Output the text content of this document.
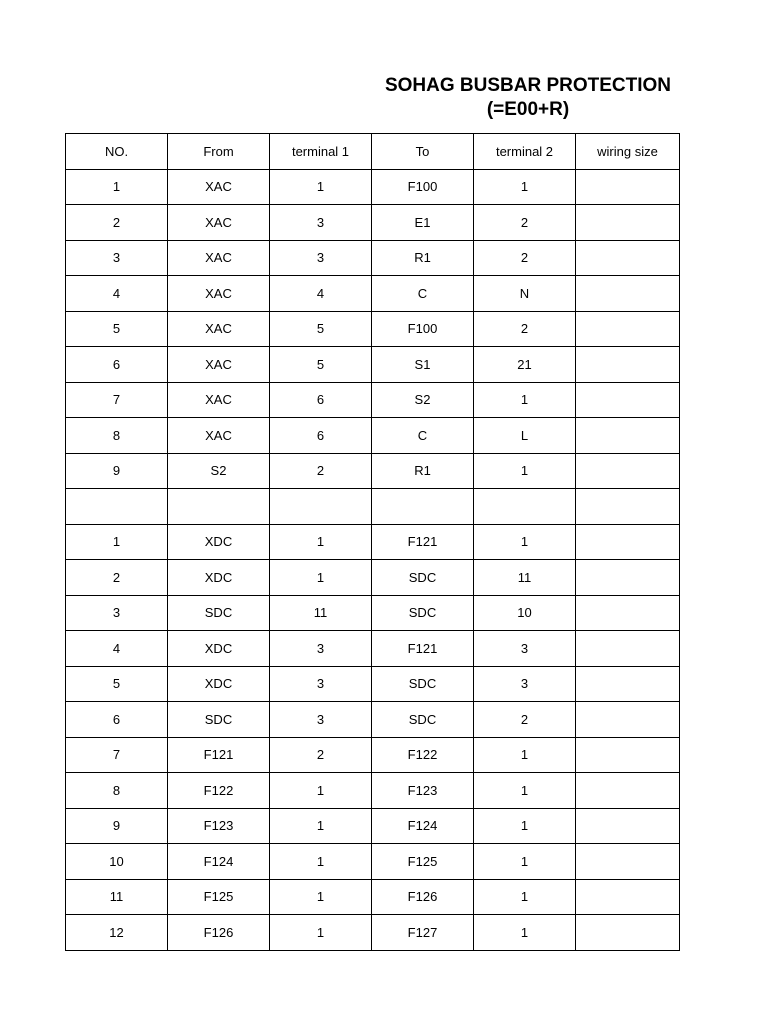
SOHAG BUSBAR PROTECTION
(=E00+R)
NO.	From	terminal 1	To	terminal 2	wiring size
1	XAC	1	F100	1	
2	XAC	3	E1	2	
3	XAC	3	R1	2	
4	XAC	4	C	N	
5	XAC	5	F100	2	
6	XAC	5	S1	21	
7	XAC	6	S2	1	
8	XAC	6	C	L	
9	S2	2	R1	1	

1	XDC	1	F121	1	
2	XDC	1	SDC	11	
3	SDC	11	SDC	10	
4	XDC	3	F121	3	
5	XDC	3	SDC	3	
6	SDC	3	SDC	2	
7	F121	2	F122	1	
8	F122	1	F123	1	
9	F123	1	F124	1	
10	F124	1	F125	1	
11	F125	1	F126	1	
12	F126	1	F127	1	
